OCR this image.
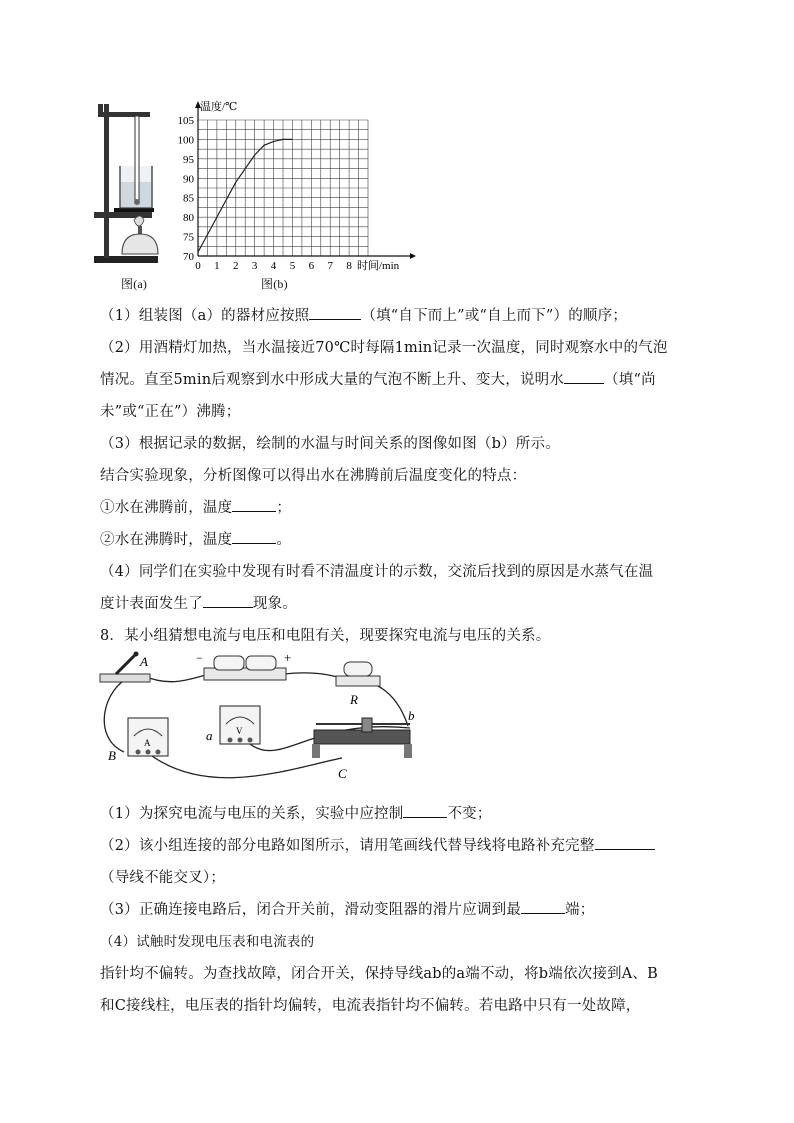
图(a)
温度/℃
时间/min
0 1 2 3 4 5 6 7 8
70
75
80
85
90
95
100
105
图(b)
（1）组装图（a）的器材应按照	（填“自下而上”或“自上而下”）的顺序；
（2）用酒精灯加热，当水温接近70℃时每隔1min记录一次温度，同时观察水中的气泡
情况。直至5min后观察到水中形成大量的气泡不断上升、变大，说明水	（填“尚
未”或“正在”）沸腾；
（3）根据记录的数据，绘制的水温与时间关系的图像如图（b）所示。
结合实验现象，分析图像可以得出水在沸腾前后温度变化的特点：
①水在沸腾前，温度	；
②水在沸腾时，温度	。
（4）同学们在实验中发现有时看不清温度计的示数，交流后找到的原因是水蒸气在温
度计表面发生了	现象。
8．某小组猜想电流与电压和电阻有关，现要探究电流与电压的关系。
A	−	+
R
A
B
V
a
b
C
（1）为探究电流与电压的关系，实验中应控制	不变；
（2）该小组连接的部分电路如图所示，请用笔画线代替导线将电路补充完整
（导线不能交叉）；
（3）正确连接电路后，闭合开关前，滑动变阻器的滑片应调到最	端；
（4）试触时发现电压表和电流表的
指针均不偏转。为查找故障，闭合开关，保持导线ab的a端不动，将b端依次接到A、B
和C接线柱，电压表的指针均偏转，电流表指针均不偏转。若电路中只有一处故障，
